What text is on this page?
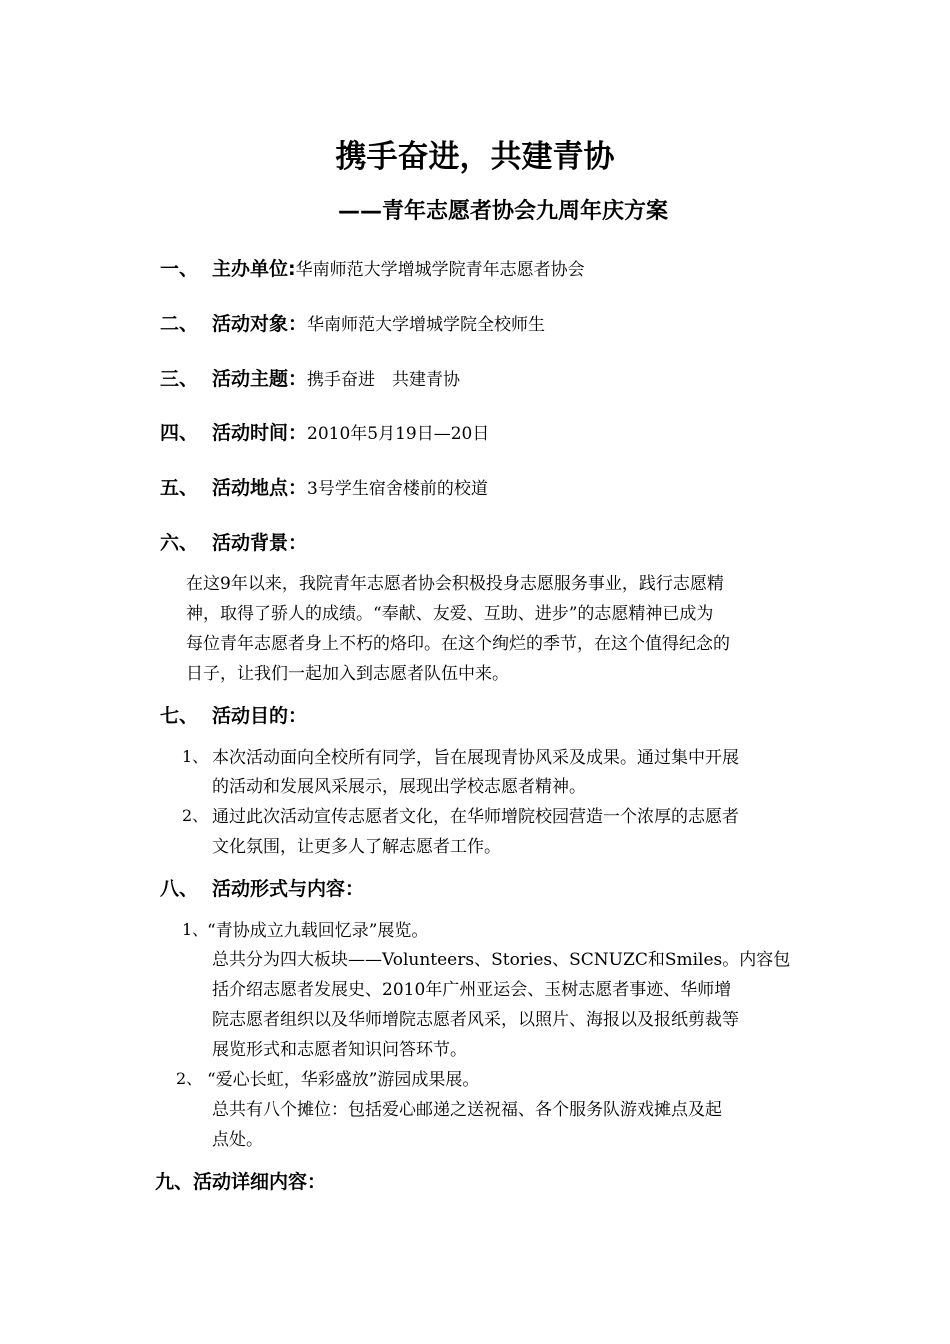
携手奋进，共建青协
——青年志愿者协会九周年庆方案
一、 主办单位:华南师范大学增城学院青年志愿者协会
二、 活动对象：华南师范大学增城学院全校师生
三、 活动主题：携手奋进　共建青协
四、 活动时间：2010年5月19日—20日
五、 活动地点：3号学生宿舍楼前的校道
六、 活动背景：
在这9年以来，我院青年志愿者协会积极投身志愿服务事业，践行志愿精
神，取得了骄人的成绩。“奉献、友爱、互助、进步”的志愿精神已成为
每位青年志愿者身上不朽的烙印。在这个绚烂的季节，在这个值得纪念的
日子，让我们一起加入到志愿者队伍中来。
七、 活动目的：
1、 本次活动面向全校所有同学，旨在展现青协风采及成果。通过集中开展
的活动和发展风采展示，展现出学校志愿者精神。
2、 通过此次活动宣传志愿者文化，在华师增院校园营造一个浓厚的志愿者
文化氛围，让更多人了解志愿者工作。
八、 活动形式与内容：
1、
“青协成立九载回忆录”展览。
总共分为四大板块——Volunteers、Stories、SCNUZC和Smiles。内容包
括介绍志愿者发展史、2010年广州亚运会、玉树志愿者事迹、华师增
院志愿者组织以及华师增院志愿者风采，以照片、海报以及报纸剪裁等
展览形式和志愿者知识问答环节。
2、 “爱心长虹，华彩盛放”游园成果展。
总共有八个摊位：包括爱心邮递之送祝福、各个服务队游戏摊点及起
点处。
九、活动详细内容：
